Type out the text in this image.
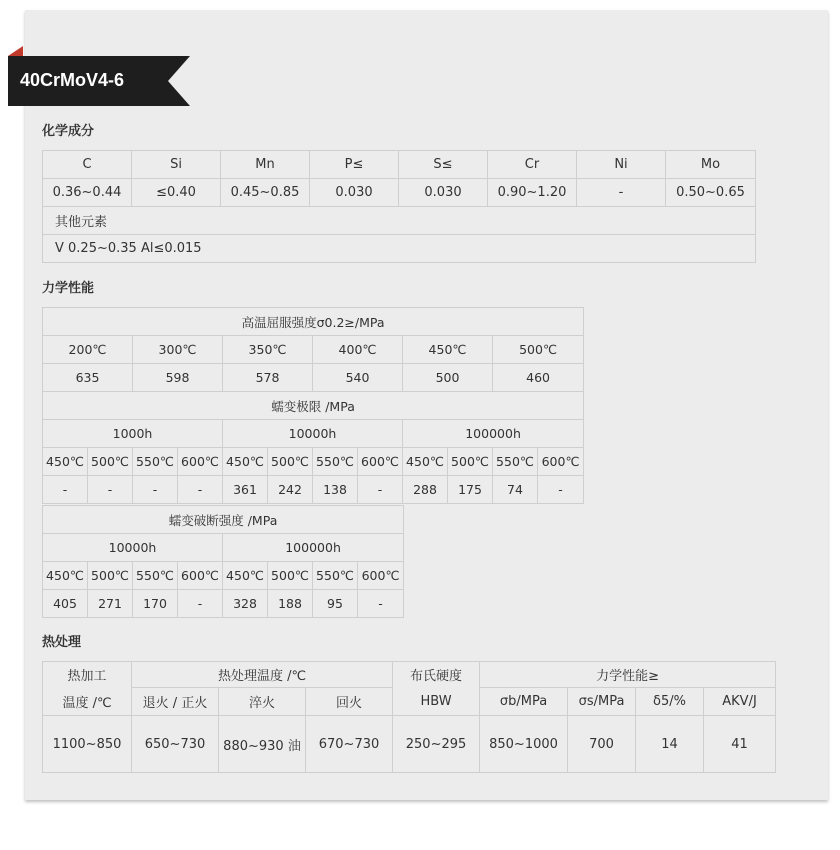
40CrMoV4-6
化学成分
C	Si	Mn	P≤	S≤	Cr	Ni	Mo
0.36~0.44	≤0.40	0.45~0.85	0.030	0.030	0.90~1.20	-	0.50~0.65
其他元素							
V 0.25~0.35 Al≤0.015							
力学性能
高温屈服强度σ0.2≥/MPa											
200℃		300℃		350℃		400℃		450℃		500℃	
635		598		578		540		500		460	
蠕变极限 /MPa											
1000h				10000h				100000h			
450℃	500℃	550℃	600℃	450℃	500℃	550℃	600℃	450℃	500℃	550℃	600℃
-	-	-	-	361	242	138	-	288	175	74	-
蠕变破断强度 /MPa							
10000h				100000h			
450℃	500℃	550℃	600℃	450℃	500℃	550℃	600℃
405	271	170	-	328	188	95	-
热处理
热加工	热处理温度 /℃			布氏硬度	力学性能≥			
温度 /℃	退火 / 正火	淬火	回火	HBW	σb/MPa	σs/MPa	δ5/%	AKV/J
1100~850	650~730	880~930 油	670~730	250~295	850~1000	700	14	41
